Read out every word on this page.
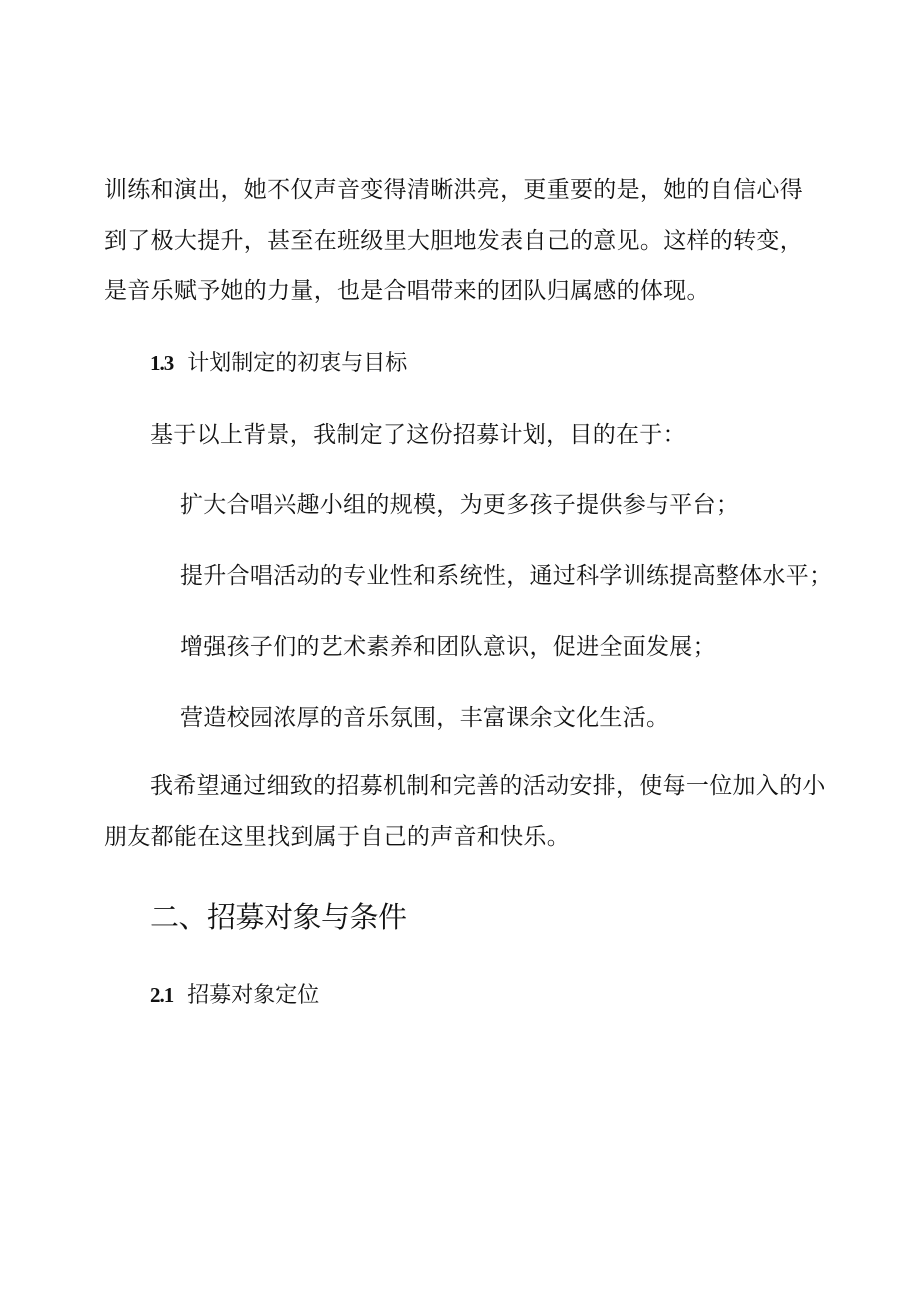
训练和演出，她不仅声音变得清晰洪亮，更重要的是，她的自信心得
到了极大提升，甚至在班级里大胆地发表自己的意见。这样的转变，
是音乐赋予她的力量，也是合唱带来的团队归属感的体现。
1.3 计划制定的初衷与目标
基于以上背景，我制定了这份招募计划，目的在于：
扩大合唱兴趣小组的规模，为更多孩子提供参与平台；
提升合唱活动的专业性和系统性，通过科学训练提高整体水平；
增强孩子们的艺术素养和团队意识，促进全面发展；
营造校园浓厚的音乐氛围，丰富课余文化生活。
我希望通过细致的招募机制和完善的活动安排，使每一位加入的小
朋友都能在这里找到属于自己的声音和快乐。
二、招募对象与条件
2.1 招募对象定位
